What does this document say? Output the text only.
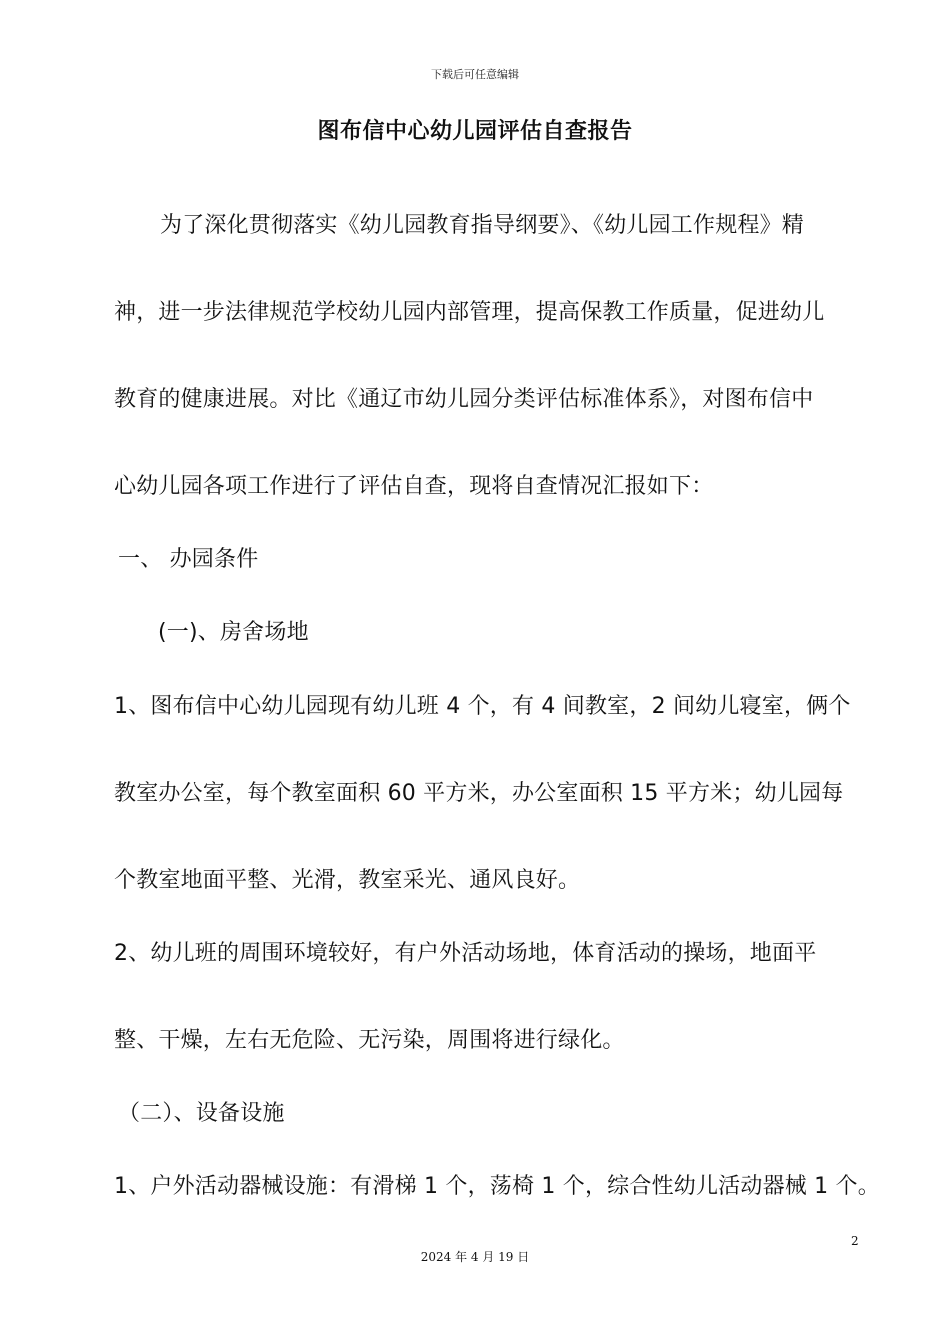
下载后可任意编辑
图布信中心幼儿园评估自查报告
为了深化贯彻落实《幼儿园教育指导纲要》、《幼儿园工作规程》精
神，进一步法律规范学校幼儿园内部管理，提高保教工作质量，促进幼儿
教育的健康进展。对比《通辽市幼儿园分类评估标准体系》，对图布信中
心幼儿园各项工作进行了评估自查，现将自查情况汇报如下：
一、 办园条件
(一)、房舍场地
1、图布信中心幼儿园现有幼儿班 4 个，有 4 间教室，2 间幼儿寝室，俩个
教室办公室，每个教室面积 60 平方米，办公室面积 15 平方米；幼儿园每
个教室地面平整、光滑，教室采光、通风良好。
2、幼儿班的周围环境较好，有户外活动场地，体育活动的操场，地面平
整、干燥，左右无危险、无污染，周围将进行绿化。
（二）、设备设施
1、户外活动器械设施：有滑梯 1 个，荡椅 1 个，综合性幼儿活动器械 1 个。
2
2024 年 4 月 19 日
